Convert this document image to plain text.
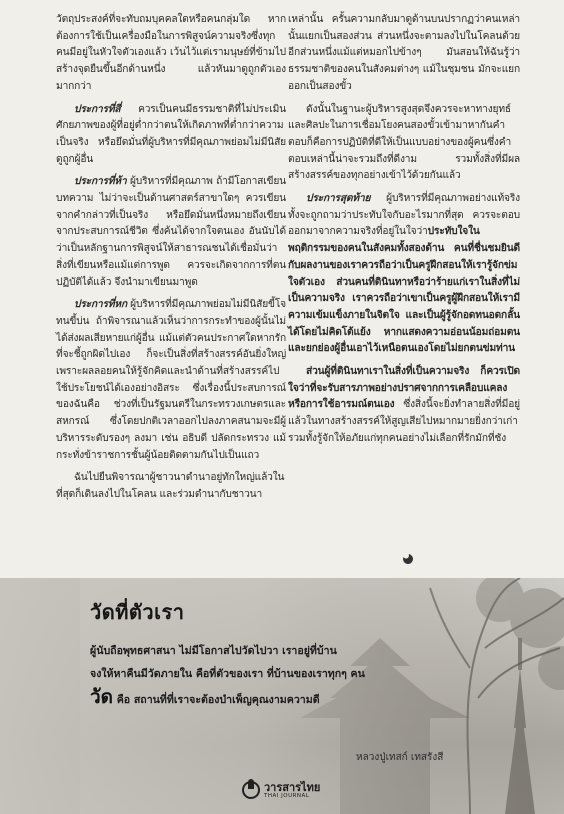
วัตถุประสงค์ที่จะทับถมบุคคลใดหรือคนกลุ่มใด หากต้องการใช้เป็นเครื่องมือในการพิสูจน์ความจริงซึ่งทุกคนมีอยู่ในหัวใจตัวเองแล้ว เว้นไว้แต่เรามนุษย์ที่ข้ามไปสร้างจุดยืนขึ้นอีกด้านหนึ่ง แล้วหันมาดูถูกตัวเองมากกว่า

ประการที่สี่ ควรเป็นคนมีธรรมชาติที่ไม่ประเมินศักยภาพของผู้ที่อยู่ต่ำกว่าตนให้เกิดภาพที่ต่ำกว่าความเป็นจริง หรือยึดมั่นที่ผู้บริหารที่มีคุณภาพย่อมไม่มีนิสัยดูถูกผู้อื่น

ประการที่ห้า ผู้บริหารที่มีคุณภาพ ถ้ามีโอกาสเขียนบทความ ไม่ว่าจะเป็นด้านศาสตร์สาขาใดๆ ควรเขียนจากคำกล่าวที่เป็นจริง หรือยึดมั่นหนึ่งหมายถึงเขียนจากประสบการณ์ชีวิต ซึ่งค้นได้จากใจตนเอง อันนับได้ว่าเป็นหลักฐานการพิสูจน์ให้สาธารณชนได้เชื่อมั่นว่าสิ่งที่เขียนหรือแม้แต่การพูด ควรจะเกิดจากการที่ตนปฏิบัติได้แล้ว จึงนำมาเขียนมาพูด

ประการที่หก ผู้บริหารที่มีคุณภาพย่อมไม่มีนิสัยขี้โจทนขี้บ่น ถ้าพิจารณาแล้วเห็นว่าการกระทำของผู้นั้นไม่ได้ส่งผลเสียหายแก่ผู้อื่น แม้แต่ตัวคนประกาศใดหากรักที่จะชี้ถูกผิดไปเอง ก็จะเป็นสิ่งที่สร้างสรรค์อันยิ่งใหญ่ เพราะผลลอยคนให้รู้จักคิดและนำด้านที่สร้างสรรค์ไปใช้ประโยชน์ได้เองอย่างอิสระ ซึ่งเรื่องนี้ประสบการณ์ของฉันคือ ช่วงที่เป็นรัฐมนตรีในกระทรวงเกษตรและสหกรณ์ ซึ่งโดยปกติเวลาออกไปลงภาคสนามจะมีผู้บริหารระดับรองๆ ลงมา เช่น อธิบดี ปลัดกระทรวง แม้กระทั่งข้าราชการชั้นผู้น้อยติดตามกันไปเป็นแถว

ฉันไปยืนพิจารณาผู้ชาวนาดำนาอยู่ทักใหญ่แล้วในที่สุดก็เดินลงไปในโคลน และร่วมดำนากับชาวนา

เหล่านั้น ครั้นความกลับมาดูด้านบนปรากฏว่าคนเหล่านั้นแยกเป็นสองส่วน ส่วนหนึ่งจะตามลงไปในโคลนด้วย อีกส่วนหนึ่งแม้แต่หมอกไปข้างๆ มันสอนให้ฉันรู้ว่าธรรมชาติของคนในสังคมต่างๆ แม้ในชุมชน มักจะแยกออกเป็นสองขั้ว

ดังนั้นในฐานะผู้บริหารสูงสุดจึงควรจะหาทางยุทธ์และศิลปะในการเชื่อมโยงคนสองขั้วเข้ามาหากันคำตอบก็คือการปฏิบัติที่ดีให้เป็นแบบอย่างของผู้คนซึ่งคำตอบเหล่านี้น่าจะรวมถึงที่ดีงาม รวมทั้งสิ่งที่มีผลสร้างสรรค์ของทุกอย่างเข้าไว้ด้วยกันแล้ว

ประการสุดท้าย ผู้บริหารที่มีคุณภาพอย่างแท้จริง ทั้งจะถูกถามว่าประทับใจกับอะไรมากที่สุด ควรจะตอบออกมาจากความจริงที่อยู่ในใจว่าประทับใจในพฤติกรรมของคนในสังคมทั้งสองด้าน คนที่ชื่นชมยินดีกับผลงานของเราควรถือว่าเป็นครูฝึกสอนให้เรารู้จักข่มใจตัวเอง ส่วนคนที่ตินินทาหรือว่าร้ายแก่เราในสิ่งที่ไม่เป็นความจริง เราควรถือว่าเขาเป็นครูผู้ฝึกสอนให้เรามีความเข้มแข็งภายในจิตใจ และเป็นผู้รู้จักอดทนอดกลั้นได้โดยไม่คิดโต้แย้ง หากแสดงความอ่อนน้อมถ่อมตน และยกย่องผู้อื่นเอาไว้เหนือตนเองโดยไม่ยกตนข่มท่าน

ส่วนผู้ที่ตินินทาเราในสิ่งที่เป็นความจริง ก็ควรเปิดใจว่าที่จะรับสารภาพอย่างปราศจากการเคลือบแคลง หรือการใช้อารมณ์ตนเอง ซึ่งสิ่งนี้จะยิ่งทำลายสิ่งที่มีอยู่แล้วในทางสร้างสรรค์ให้สูญเสียไปหมากมายยิ่งกว่าเก่า รวมทั้งรู้จักให้อภัยแก่ทุกคนอย่างไม่เลือกที่รักมักที่ชัง

วัดที่ตัวเรา
ผู้นับถือพุทธศาสนา ไม่มีโอกาสไปวัดไปวา เราอยู่ที่บ้าน
จงให้หาคืนมีวัดภายใน คือที่ตัวของเรา ที่บ้านของเราทุกๆ คน
วัด คือ สถานที่ที่เราจะต้องบำเพ็ญคุณงามความดี
หลวงปู่เทสก์ เทสรังสี
วารสารไทย
THAI JOURNAL
